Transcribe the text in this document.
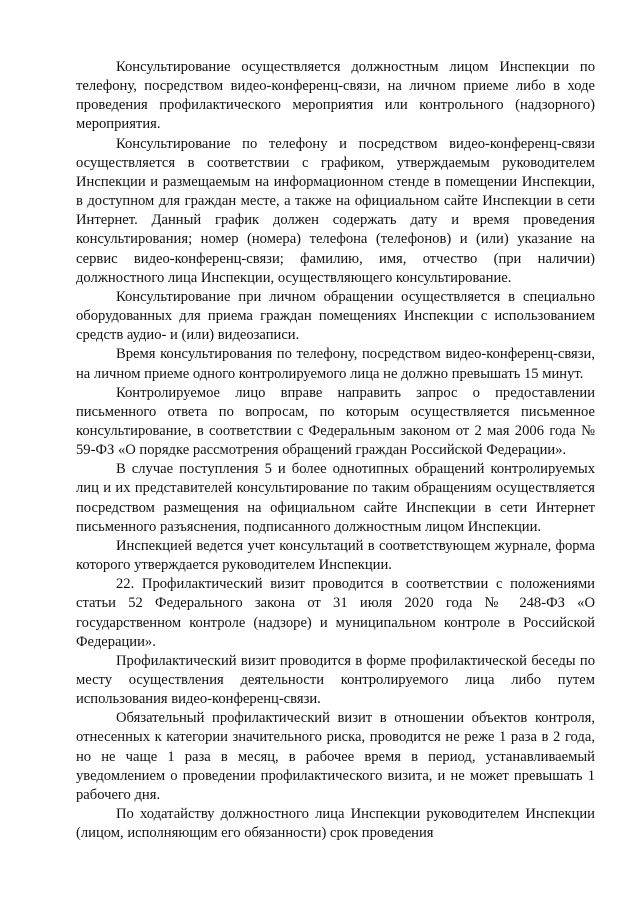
Консультирование осуществляется должностным лицом Инспекции по телефону, посредством видео-конференц-связи, на личном приеме либо в ходе проведения профилактического мероприятия или контрольного (надзорного) мероприятия.

Консультирование по телефону и посредством видео-конференц-связи осуществляется в соответствии с графиком, утверждаемым руководителем Инспекции и размещаемым на информационном стенде в помещении Инспекции, в доступном для граждан месте, а также на официальном сайте Инспекции в сети Интернет. Данный график должен содержать дату и время проведения консультирования; номер (номера) телефона (телефонов) и (или) указание на сервис видео-конференц-связи; фамилию, имя, отчество (при наличии) должностного лица Инспекции, осуществляющего консультирование.

Консультирование при личном обращении осуществляется в специально оборудованных для приема граждан помещениях Инспекции с использованием средств аудио- и (или) видеозаписи.

Время консультирования по телефону, посредством видео-конференц-связи, на личном приеме одного контролируемого лица не должно превышать 15 минут.

Контролируемое лицо вправе направить запрос о предоставлении письменного ответа по вопросам, по которым осуществляется письменное консультирование, в соответствии с Федеральным законом от 2 мая 2006 года № 59-ФЗ «О порядке рассмотрения обращений граждан Российской Федерации».

В случае поступления 5 и более однотипных обращений контролируемых лиц и их представителей консультирование по таким обращениям осуществляется посредством размещения на официальном сайте Инспекции в сети Интернет письменного разъяснения, подписанного должностным лицом Инспекции.

Инспекцией ведется учет консультаций в соответствующем журнале, форма которого утверждается руководителем Инспекции.

22. Профилактический визит проводится в соответствии с положениями статьи 52 Федерального закона от 31 июля 2020 года № 248-ФЗ «О государственном контроле (надзоре) и муниципальном контроле в Российской Федерации».

Профилактический визит проводится в форме профилактической беседы по месту осуществления деятельности контролируемого лица либо путем использования видео-конференц-связи.

Обязательный профилактический визит в отношении объектов контроля, отнесенных к категории значительного риска, проводится не реже 1 раза в 2 года, но не чаще 1 раза в месяц, в рабочее время в период, устанавливаемый уведомлением о проведении профилактического визита, и не может превышать 1 рабочего дня.

По ходатайству должностного лица Инспекции руководителем Инспекции (лицом, исполняющим его обязанности) срок проведения
